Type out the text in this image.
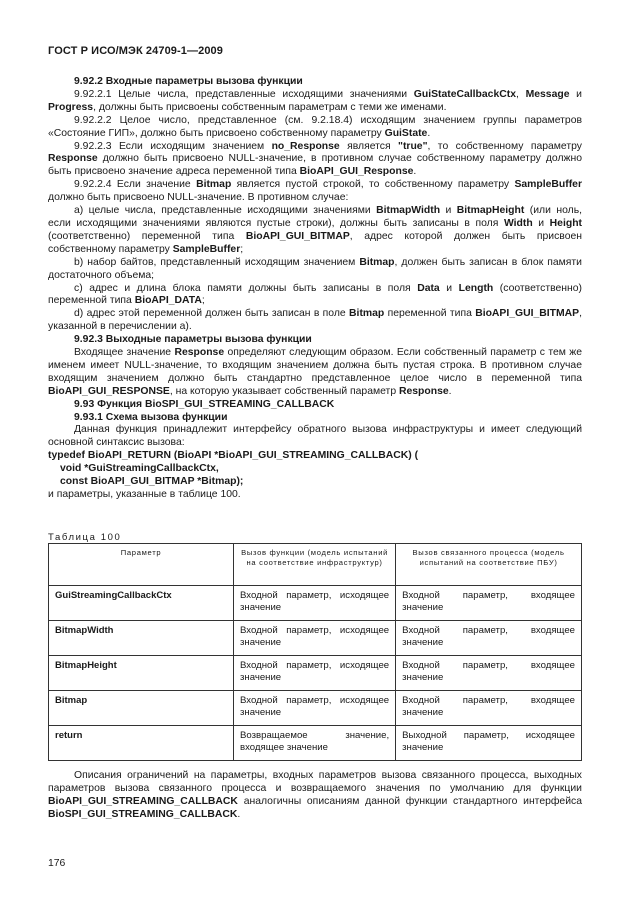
ГОСТ Р ИСО/МЭК 24709-1—2009

9.92.2 Входные параметры вызова функции

9.92.2.1 Целые числа, представленные исходящими значениями GuiStateCallbackCtx, Message и Progress, должны быть присвоены собственным параметрам с теми же именами.

9.92.2.2 Целое число, представленное (см. 9.2.18.4) исходящим значением группы параметров «Состояние ГИП», должно быть присвоено собственному параметру GuiState.

9.92.2.3 Если исходящим значением no_Response является "true", то собственному параметру Response должно быть присвоено NULL-значение, в противном случае собственному параметру должно быть присвоено значение адреса переменной типа BioAPI_GUI_Response.

9.92.2.4 Если значение Bitmap является пустой строкой, то собственному параметру SampleBuffer должно быть присвоено NULL-значение. В противном случае:

а) целые числа, представленные исходящими значениями BitmapWidth и BitmapHeight (или ноль, если исходящими значениями являются пустые строки), должны быть записаны в поля Width и Height (соответственно) переменной типа BioAPI_GUI_BITMAP, адрес которой должен быть присвоен собственному параметру SampleBuffer;

b) набор байтов, представленный исходящим значением Bitmap, должен быть записан в блок памяти достаточного объема;

c) адрес и длина блока памяти должны быть записаны в поля Data и Length (соответственно) переменной типа BioAPI_DATA;

d) адрес этой переменной должен быть записан в поле Bitmap переменной типа BioAPI_GUI_BITMAP, указанной в перечислении а).

9.92.3 Выходные параметры вызова функции

Входящее значение Response определяют следующим образом. Если собственный параметр с тем же именем имеет NULL-значение, то входящим значением должна быть пустая строка. В противном случае входящим значением должно быть стандартно представленное целое число в переменной типа BioAPI_GUI_RESPONSE, на которую указывает собственный параметр Response.

9.93 Функция BioSPI_GUI_STREAMING_CALLBACK

9.93.1 Схема вызова функции

Данная функция принадлежит интерфейсу обратного вызова инфраструктуры и имеет следующий основной синтаксис вызова:

typedef BioAPI_RETURN (BioAPI *BioAPI_GUI_STREAMING_CALLBACK) (

void *GuiStreamingCallbackCtx,

const BioAPI_GUI_BITMAP *Bitmap);

и параметры, указанные в таблице 100.

Таблица 100
Параметр	Вызов функции (модель испытаний на соответствие инфраструктур)	Вызов связанного процесса (модель испытаний на соответствие ПБУ)
GuiStreamingCallbackCtx	Входной параметр, исходящее значение	Входной параметр, входящее значение
BitmapWidth	Входной параметр, исходящее значение	Входной параметр, входящее значение
BitmapHeight	Входной параметр, исходящее значение	Входной параметр, входящее значение
Bitmap	Входной параметр, исходящее значение	Входной параметр, входящее значение
return	Возвращаемое значение, входящее значение	Выходной параметр, исходящее значение

Описания ограничений на параметры, входных параметров вызова связанного процесса, выходных параметров вызова связанного процесса и возвращаемого значения по умолчанию для функции BioAPI_GUI_STREAMING_CALLBACK аналогичны описаниям данной функции стандартного интерфейса BioSPI_GUI_STREAMING_CALLBACK.

176
